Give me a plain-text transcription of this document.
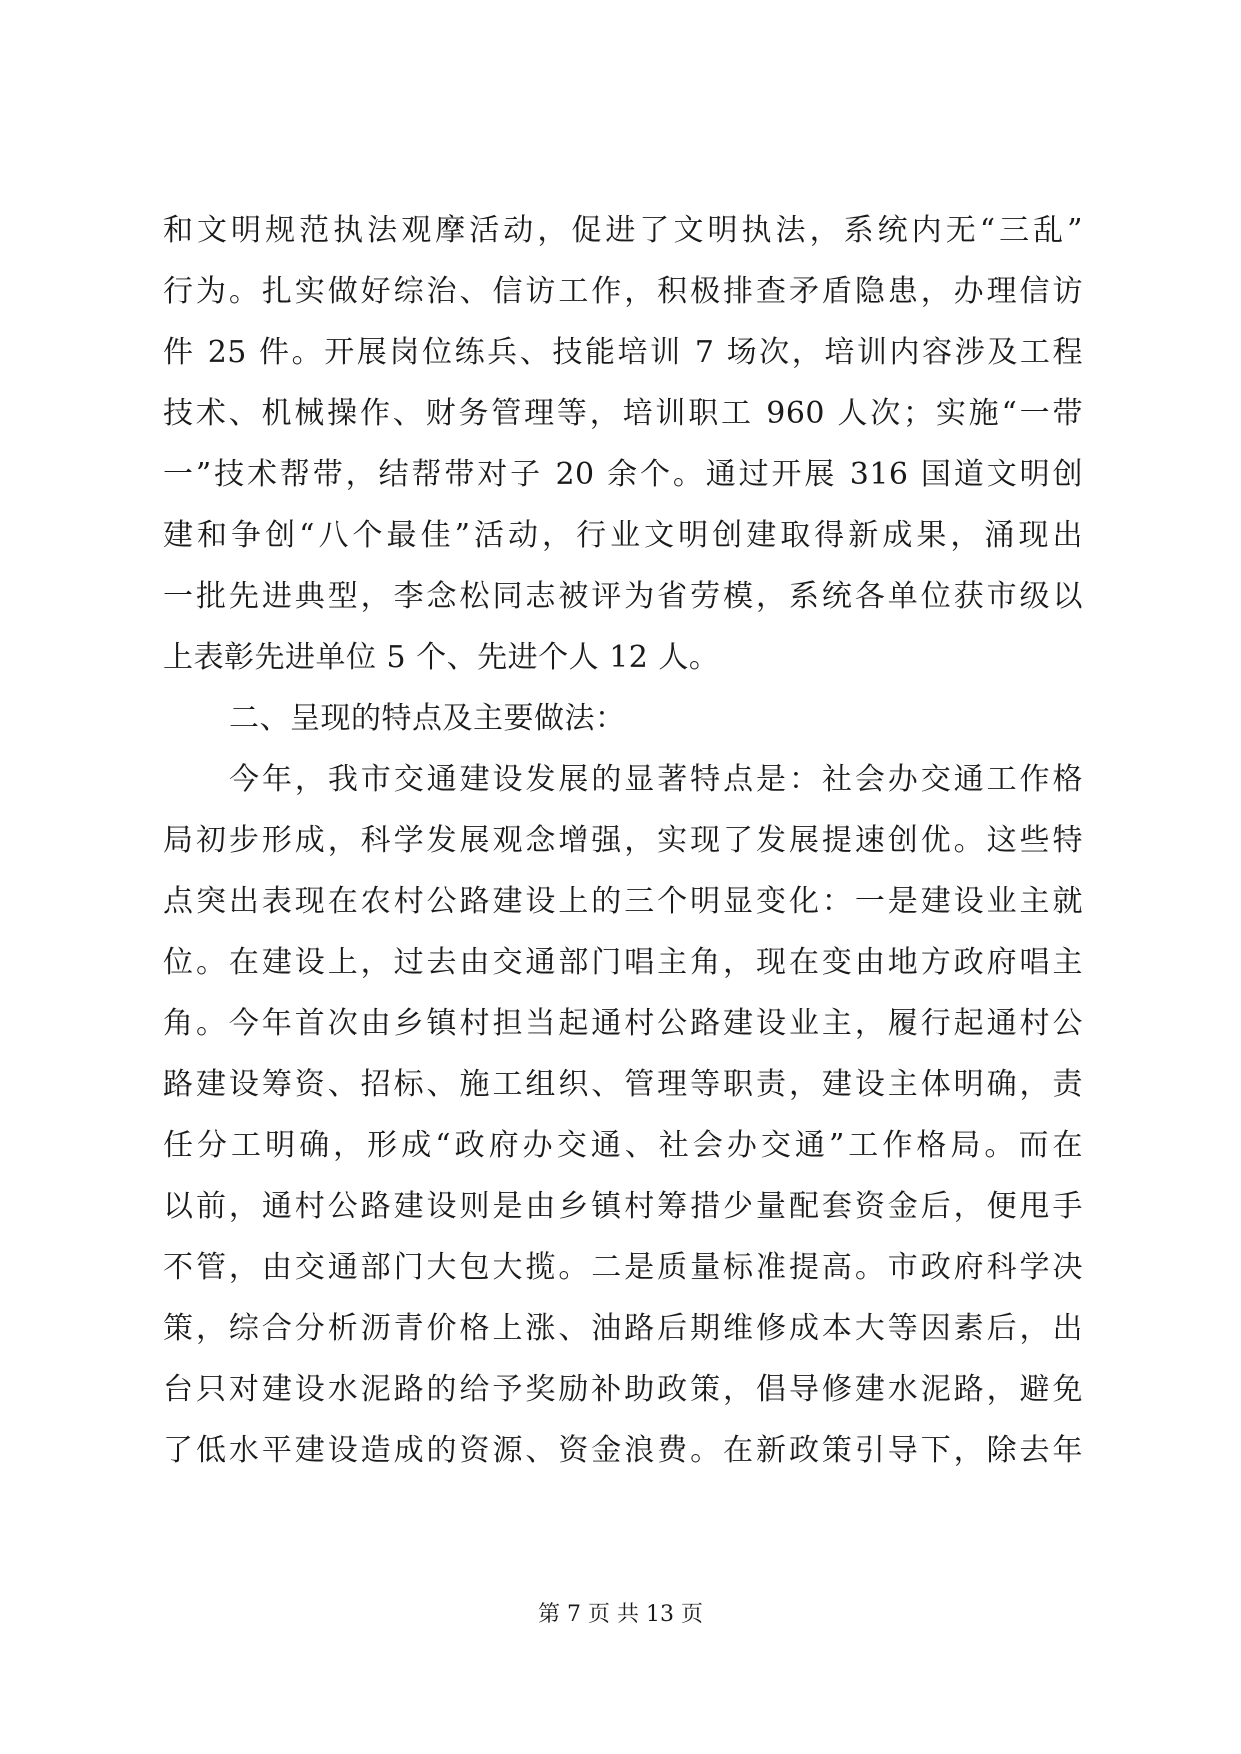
和文明规范执法观摩活动，促进了文明执法，系统内无“三乱”
行为。扎实做好综治、信访工作，积极排查矛盾隐患，办理信访
件 25 件。开展岗位练兵、技能培训 7 场次，培训内容涉及工程
技术、机械操作、财务管理等，培训职工 960 人次；实施“一带
一”技术帮带，结帮带对子 20 余个。通过开展 316 国道文明创
建和争创“八个最佳”活动，行业文明创建取得新成果，涌现出
一批先进典型，李念松同志被评为省劳模，系统各单位获市级以
上表彰先进单位 5 个、先进个人 12 人。
二、呈现的特点及主要做法：
今年，我市交通建设发展的显著特点是：社会办交通工作格
局初步形成，科学发展观念增强，实现了发展提速创优。这些特
点突出表现在农村公路建设上的三个明显变化：一是建设业主就
位。在建设上，过去由交通部门唱主角，现在变由地方政府唱主
角。今年首次由乡镇村担当起通村公路建设业主，履行起通村公
路建设筹资、招标、施工组织、管理等职责，建设主体明确，责
任分工明确，形成“政府办交通、社会办交通”工作格局。而在
以前，通村公路建设则是由乡镇村筹措少量配套资金后，便甩手
不管，由交通部门大包大揽。二是质量标准提高。市政府科学决
策，综合分析沥青价格上涨、油路后期维修成本大等因素后，出
台只对建设水泥路的给予奖励补助政策，倡导修建水泥路，避免
了低水平建设造成的资源、资金浪费。在新政策引导下，除去年
第 7 页 共 13 页
